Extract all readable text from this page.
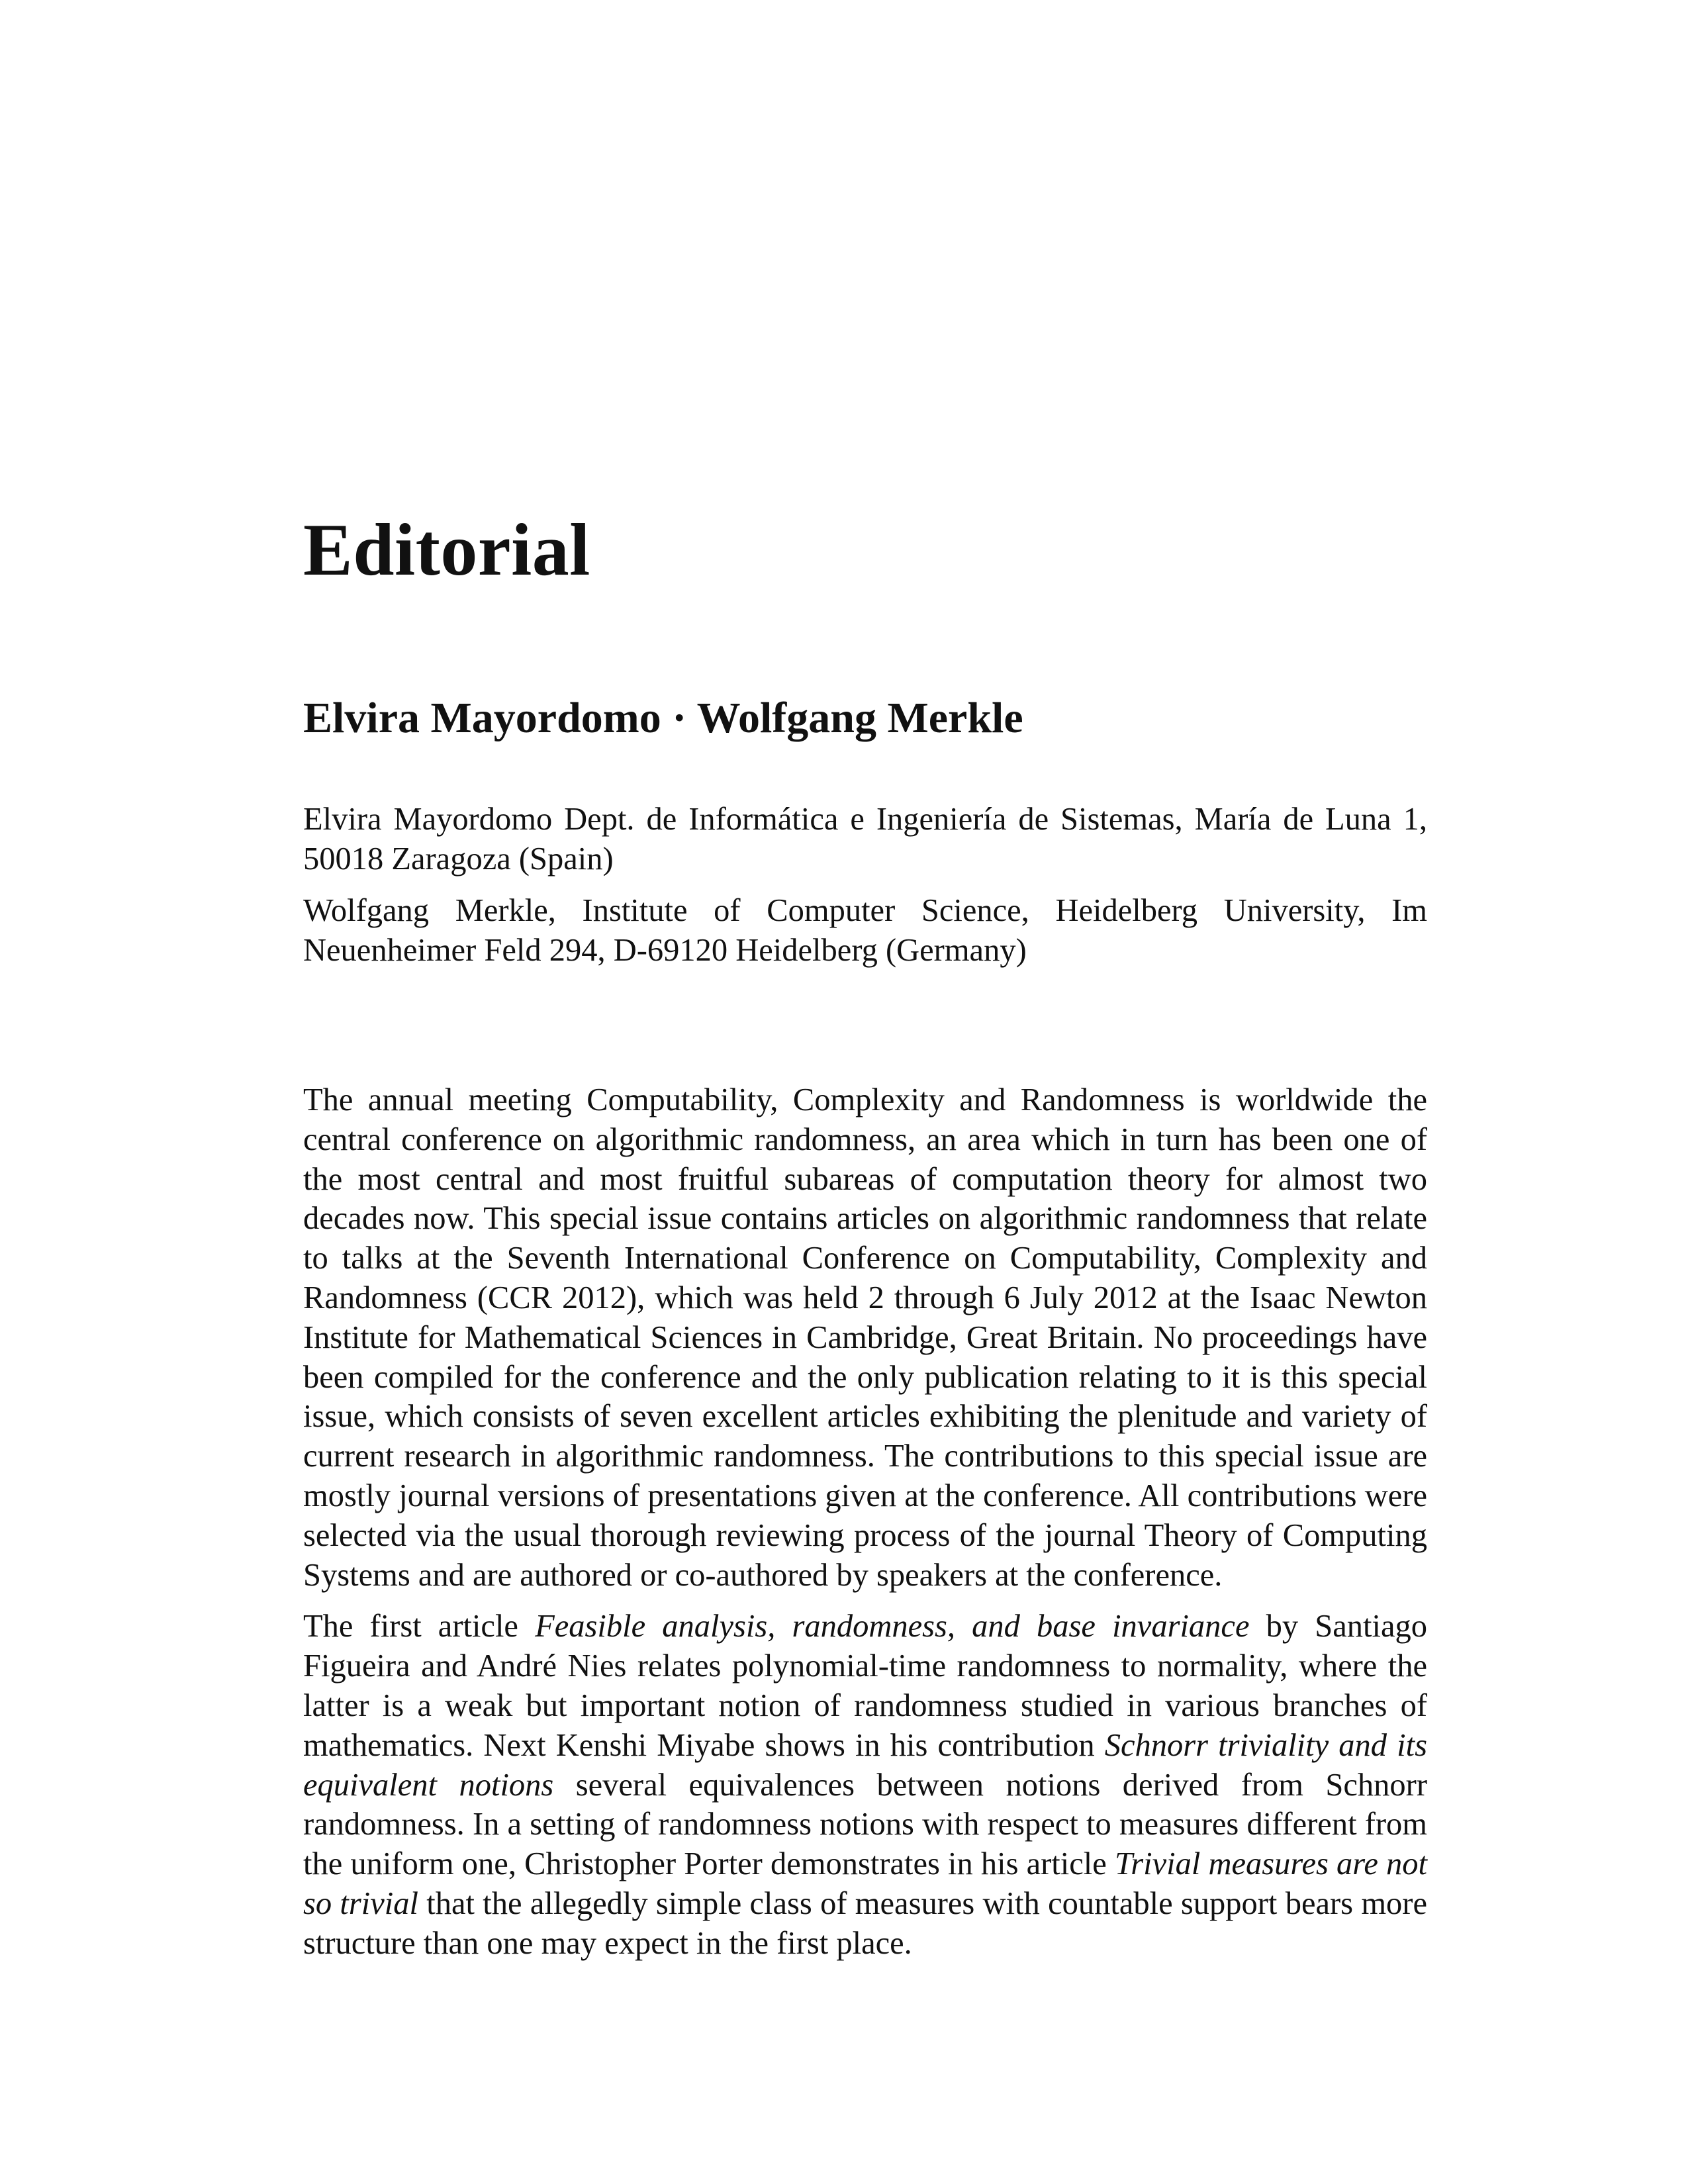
Editorial
Elvira Mayordomo · Wolfgang Merkle

Elvira Mayordomo Dept. de Informática e Ingeniería de Sistemas, María de Luna 1, 50018 Zaragoza (Spain)

Wolfgang Merkle, Institute of Computer Science, Heidelberg University, Im Neuenheimer Feld 294, D-69120 Heidelberg (Germany)

The annual meeting Computability, Complexity and Randomness is worldwide the central conference on algorithmic randomness, an area which in turn has been one of the most central and most fruitful subareas of computation theory for almost two decades now. This special issue contains articles on algorithmic randomness that relate to talks at the Seventh International Conference on Computability, Complexity and Randomness (CCR 2012), which was held 2 through 6 July 2012 at the Isaac Newton Institute for Mathematical Sciences in Cambridge, Great Britain. No proceedings have been compiled for the conference and the only publication relating to it is this special issue, which consists of seven excellent articles exhibiting the plenitude and variety of current research in algorithmic randomness. The contributions to this special issue are mostly journal versions of presentations given at the conference. All contributions were selected via the usual thorough reviewing process of the journal Theory of Computing Systems and are authored or co-authored by speakers at the conference.

The first article Feasible analysis, randomness, and base invariance by Santiago Figueira and André Nies relates polynomial-time randomness to normality, where the latter is a weak but important notion of randomness studied in various branches of mathematics. Next Kenshi Miyabe shows in his contribution Schnorr triviality and its equivalent notions several equivalences between notions derived from Schnorr randomness. In a setting of randomness notions with respect to measures different from the uniform one, Christopher Porter demonstrates in his article Trivial measures are not so trivial that the allegedly simple class of measures with countable support bears more structure than one may expect in the first place.
